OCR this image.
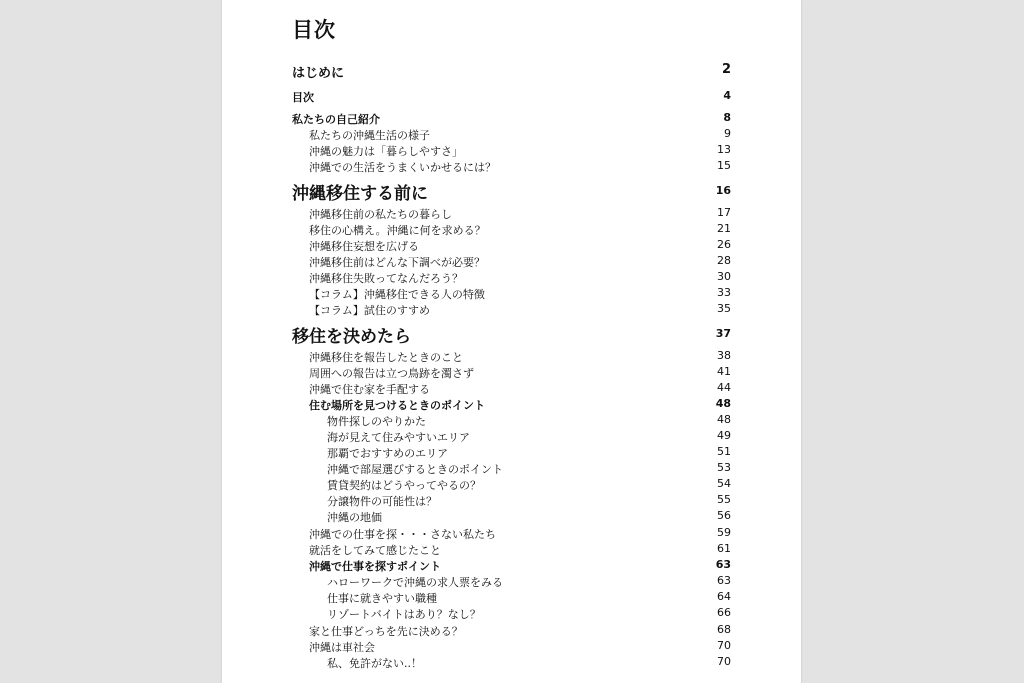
目次
はじめに	2
目次	4
私たちの自己紹介	8
私たちの沖縄生活の様子	9
沖縄の魅力は「暮らしやすさ」	13
沖縄での生活をうまくいかせるには？	15
沖縄移住する前に	16
沖縄移住前の私たちの暮らし	17
移住の心構え。沖縄に何を求める？	21
沖縄移住妄想を広げる	26
沖縄移住前はどんな下調べが必要？	28
沖縄移住失敗ってなんだろう？	30
【コラム】沖縄移住できる人の特徴	33
【コラム】試住のすすめ	35
移住を決めたら	37
沖縄移住を報告したときのこと	38
周囲への報告は立つ鳥跡を濁さず	41
沖縄で住む家を手配する	44
住む場所を見つけるときのポイント	48
物件探しのやりかた	48
海が見えて住みやすいエリア	49
那覇でおすすめのエリア	51
沖縄で部屋選びするときのポイント	53
賃貸契約はどうやってやるの？	54
分譲物件の可能性は？	55
沖縄の地価	56
沖縄での仕事を探・・・さない私たち	59
就活をしてみて感じたこと	61
沖縄で仕事を探すポイント	63
ハローワークで沖縄の求人票をみる	63
仕事に就きやすい職種	64
リゾートバイトはあり？なし？	66
家と仕事どっちを先に決める？	68
沖縄は車社会	70
私、免許がない..！	70
